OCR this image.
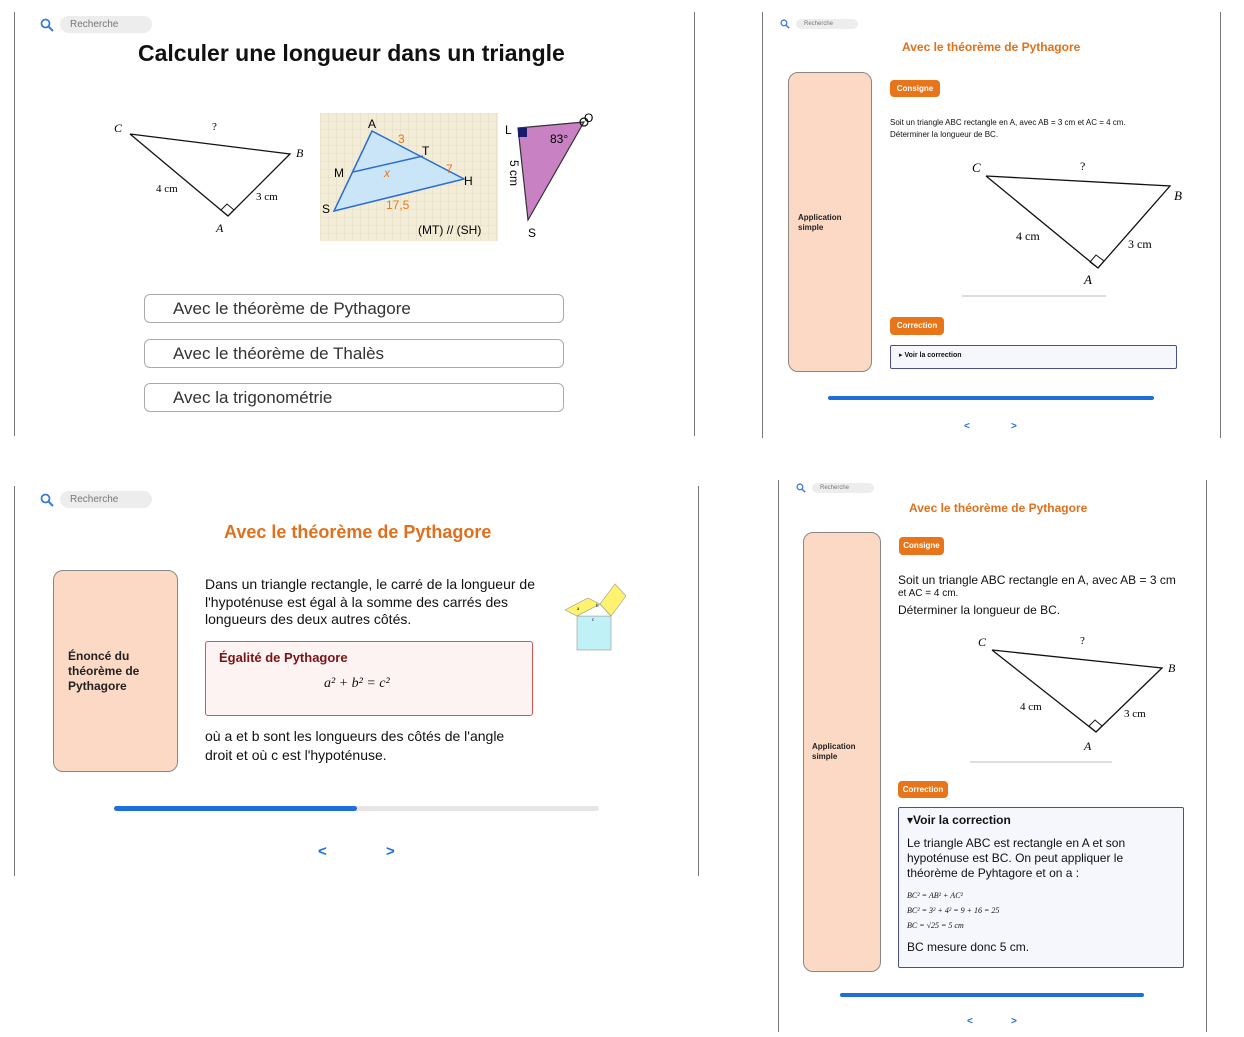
Recherche
Calculer une longueur dans un triangle
C	?
B
4 cm
3 cm
A
A
3
T
M	x	7
H
S	17,5
(MT) // (SH)
L
O
83°
5 cm
S
Avec le théorème de Pythagore
Avec le théorème de Thalès
Avec la trigonométrie
Recherche
Avec le théorème de Pythagore
Application simple
Consigne
Soit un triangle ABC rectangle en A, avec AB = 3 cm et AC = 4 cm.
Déterminer la longueur de BC.
C	?
B
4 cm
3 cm
A
Correction
▸ Voir la correction
<	>
Recherche
Avec le théorème de Pythagore
Énoncé du théorème de Pythagore
Dans un triangle rectangle, le carré de la longueur de l'hypoténuse est égal à la somme des carrés des longueurs des deux autres côtés.
a
b
c
Égalité de Pythagore
a² + b² = c²
où a et b sont les longueurs des côtés de l'angle droit et où c est l'hypoténuse.
<	>
Recherche
Avec le théorème de Pythagore
Application simple
Consigne
Soit un triangle ABC rectangle en A, avec AB = 3 cm
et AC = 4 cm.
Déterminer la longueur de BC.
C	?
B
4 cm
3 cm
A
Correction
▾Voir la correction
Le triangle ABC est rectangle en A et son hypoténuse est BC. On peut appliquer le théorème de Pyhtagore et on a :
BC² = AB² + AC²
BC² = 3² + 4² = 9 + 16 = 25
BC = √25 = 5 cm
BC mesure donc 5 cm.
<	>
